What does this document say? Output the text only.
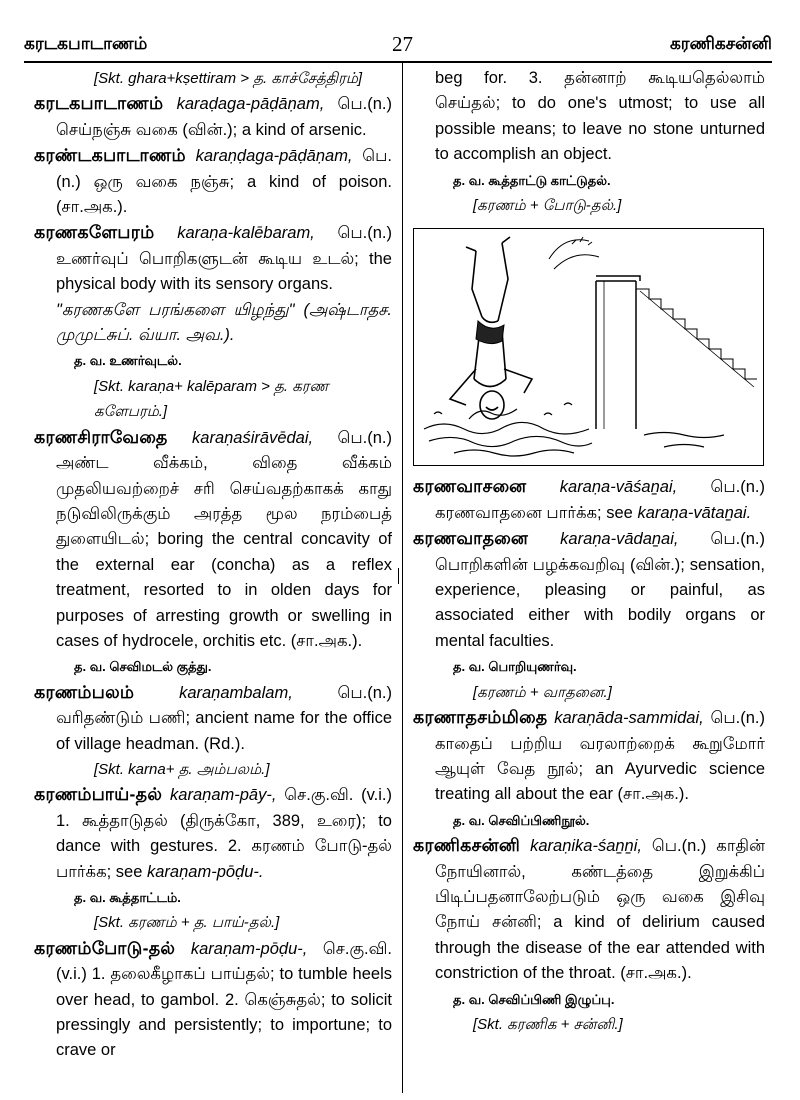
கரடகபாடாணம்	27	கரணிகசன்னி

[Skt. ghara+kṣettiram > த. காச்சேத்திரம்]

கரடகபாடாணம் karaḍaga-pāḍāṇam, பெ.(n.) செய்நஞ்சு வகை (வின்.); a kind of arsenic.

கரண்டகபாடாணம் karaṇḍaga-pāḍāṇam, பெ.(n.) ஒரு வகை நஞ்சு; a kind of poison. (சா.அக.).

கரணகளேபரம் karaṇa-kalēbaram, பெ.(n.) உணர்வுப் பொறிகளுடன் கூடிய உடல்; the physical body with its sensory organs.

"கரணகளே பரங்களை யிழந்து" (அஷ்டாதச. முமுட்சுப். வ்யா. அவ.).

த. வ. உணர்வுடல்.

[Skt. karaṇa+ kalēparam > த. கரண களேபரம்.]

கரணசிராவேதை karaṇaśirāvēdai, பெ.(n.) அண்ட வீக்கம், விதை வீக்கம் முதலியவற்றைச் சரி செய்வதற்காகக் காது நடுவிலிருக்கும் அரத்த மூல நரம்பைத் துளையிடல்; boring the central concavity of the external ear (concha) as a reflex treatment, resorted to in olden days for purposes of arresting growth or swelling in cases of hydrocele, orchitis etc. (சா.அக.).

த. வ. செவிமடல் குத்து.

கரணம்பலம்	karaṇambalam,	பெ.(n.) வரிதண்டும் பணி; ancient name for the office of village headman. (Rd.).

[Skt. karna+ த. அம்பலம்.]

கரணம்பாய்-தல் karaṇam-pāy-, செ.கு.வி. (v.i.) 1. கூத்தாடுதல் (திருக்கோ, 389, உரை); to dance with gestures. 2. கரணம் போடு-தல் பார்க்க; see karaṇam-pōḍu-.

த. வ. கூத்தாட்டம்.

[Skt. கரணம் + த. பாய்-தல்.]

கரணம்போடு-தல் karaṇam-pōḍu-, செ.கு.வி. (v.i.) 1. தலைகீழாகப் பாய்தல்; to tumble heels over head, to gambol. 2. கெஞ்சுதல்; to solicit pressingly and persistently; to importune; to crave or

beg for. 3. தன்னாற் கூடியதெல்லாம் செய்தல்; to do one's utmost; to use all possible means; to leave no stone unturned to accomplish an object.

த. வ. கூத்தாட்டு காட்டுதல்.

[கரணம் + போடு-தல்.]

கரணவாசனை karaṇa-vāśaṉai, பெ.(n.) கரணவாதனை பார்க்க; see karaṇa-vātaṉai.

கரணவாதனை karaṇa-vādaṉai, பெ.(n.) பொறிகளின் பழக்கவறிவு (வின்.); sensation, experience, pleasing or painful, as associated either with bodily organs or mental faculties.

த. வ. பொறியுணர்வு.

[கரணம் + வாதனை.]

கரணாதசம்மிதை karaṇāda-sammidai, பெ.(n.) காதைப் பற்றிய வரலாற்றைக் கூறுமோர் ஆயுள் வேத நூல்; an Ayurvedic science treating all about the ear (சா.அக.).

த. வ. செவிப்பிணிநூல்.

கரணிகசன்னி karaṇika-śaṉṉi, பெ.(n.) காதின் நோயினால், கண்டத்தை இறுக்கிப் பிடிப்பதனாலேற்படும் ஒரு வகை இசிவு நோய் சன்னி; a kind of delirium caused through the disease of the ear attended with constriction of the throat. (சா.அக.).

த. வ. செவிப்பிணி இழுப்பு.

[Skt. கரணிக + சன்னி.]
